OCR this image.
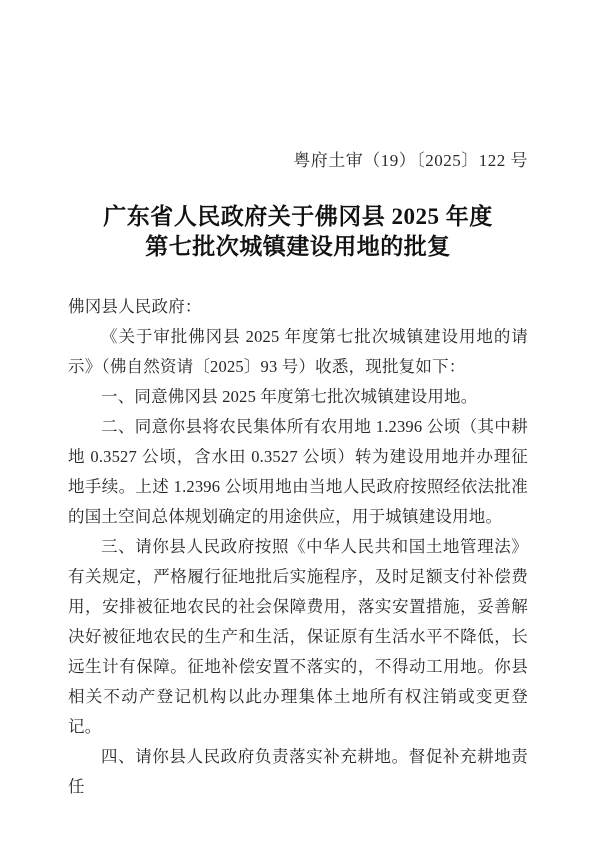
粤府土审（19）〔2025〕122 号
广东省人民政府关于佛冈县 2025 年度
第七批次城镇建设用地的批复

佛冈县人民政府：

《关于审批佛冈县 2025 年度第七批次城镇建设用地的请示》（佛自然资请〔2025〕93 号）收悉，现批复如下：

一、同意佛冈县 2025 年度第七批次城镇建设用地。

二、同意你县将农民集体所有农用地 1.2396 公顷（其中耕地 0.3527 公顷，含水田 0.3527 公顷）转为建设用地并办理征地手续。上述 1.2396 公顷用地由当地人民政府按照经依法批准的国土空间总体规划确定的用途供应，用于城镇建设用地。

三、请你县人民政府按照《中华人民共和国土地管理法》有关规定，严格履行征地批后实施程序，及时足额支付补偿费用，安排被征地农民的社会保障费用，落实安置措施，妥善解决好被征地农民的生产和生活，保证原有生活水平不降低，长远生计有保障。征地补偿安置不落实的，不得动工用地。你县相关不动产登记机构以此办理集体土地所有权注销或变更登记。

四、请你县人民政府负责落实补充耕地。督促补充耕地责任
